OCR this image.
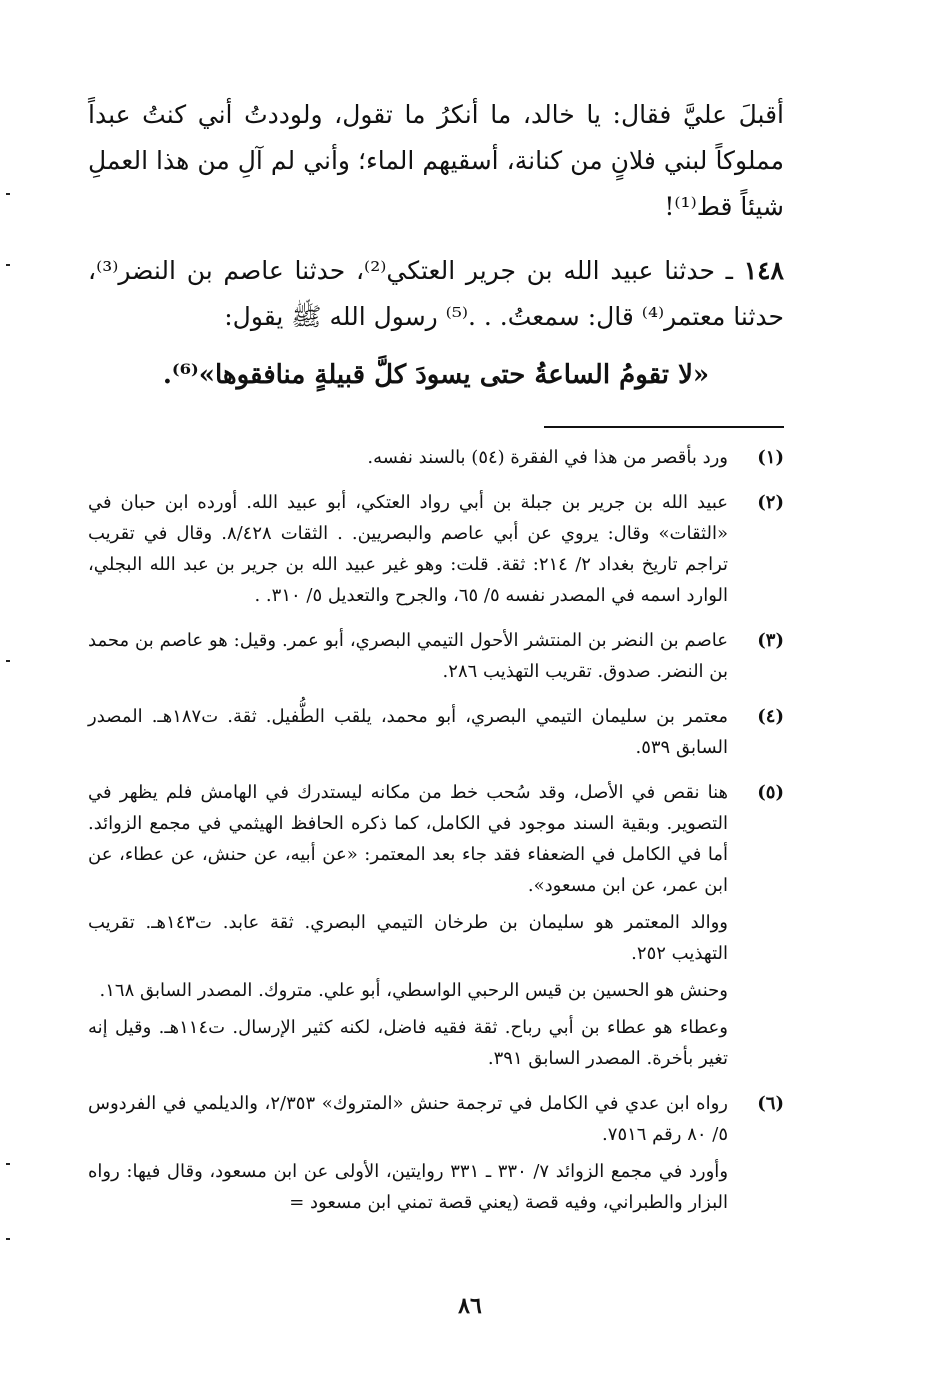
أقبلَ عليَّ فقال: يا خالد، ما أنكرُ ما تقول، ولوددتُ أني كنتُ عبداً مملوكاً لبني فلانٍ من كنانة، أسقيهم الماء؛ وأني لم آلِ من هذا العملِ شيئاً قط⁽¹⁾!

١٤٨ ـ حدثنا عبيد الله بن جرير العتكي⁽²⁾، حدثنا عاصم بن النضر⁽³⁾، حدثنا معتمر⁽⁴⁾ قال: سمعتُ. . .⁽⁵⁾ رسول الله ﷺ يقول:

«لا تقومُ الساعةُ حتى يسودَ كلَّ قبيلةٍ منافقوها»⁽⁶⁾.
(١)

ورد بأقصر من هذا في الفقرة (٥٤) بالسند نفسه.

(٢)

عبيد الله بن جرير بن جبلة بن أبي رواد العتكي، أبو عبيد الله. أورده ابن حبان في «الثقات» وقال: يروي عن أبي عاصم والبصريين. . الثقات ٨/٤٢٨. وقال في تقريب تراجم تاريخ بغداد ٢/ ٢١٤: ثقة. قلت: وهو غير عبيد الله بن جرير بن عبد الله البجلي، الوارد اسمه في المصدر نفسه ٥/ ٦٥، والجرح والتعديل ٥/ ٣١٠. .

(٣)

عاصم بن النضر بن المنتشر الأحول التيمي البصري، أبو عمر. وقيل: هو عاصم بن محمد بن النضر. صدوق. تقريب التهذيب ٢٨٦.

(٤)

معتمر بن سليمان التيمي البصري، أبو محمد، يلقب الطُّفيل. ثقة. ت١٨٧هـ. المصدر السابق ٥٣٩.

(٥)

هنا نقص في الأصل، وقد سُحب خط من مكانه ليستدرك في الهامش فلم يظهر في التصوير. وبقية السند موجود في الكامل، كما ذكره الحافظ الهيثمي في مجمع الزوائد. أما في الكامل في الضعفاء فقد جاء بعد المعتمر: «عن أبيه، عن حنش، عن عطاء، عن ابن عمر، عن ابن مسعود».

ووالد المعتمر هو سليمان بن طرخان التيمي البصري. ثقة عابد. ت١٤٣هـ. تقريب التهذيب ٢٥٢.

وحنش هو الحسين بن قيس الرحبي الواسطي، أبو علي. متروك. المصدر السابق ١٦٨.

وعطاء هو عطاء بن أبي رباح. ثقة فقيه فاضل، لكنه كثير الإرسال. ت١١٤هـ. وقيل إنه تغير بأخرة. المصدر السابق ٣٩١.

(٦)

رواه ابن عدي في الكامل في ترجمة حنش «المتروك» ٢/٣٥٣، والديلمي في الفردوس ٥/ ٨٠ رقم ٧٥١٦.

وأورد في مجمع الزوائد ٧/ ٣٣٠ ـ ٣٣١ روايتين، الأولى عن ابن مسعود، وقال فيها: رواه البزار والطبراني، وفيه قصة (يعني قصة تمني ابن مسعود =

٨٦
